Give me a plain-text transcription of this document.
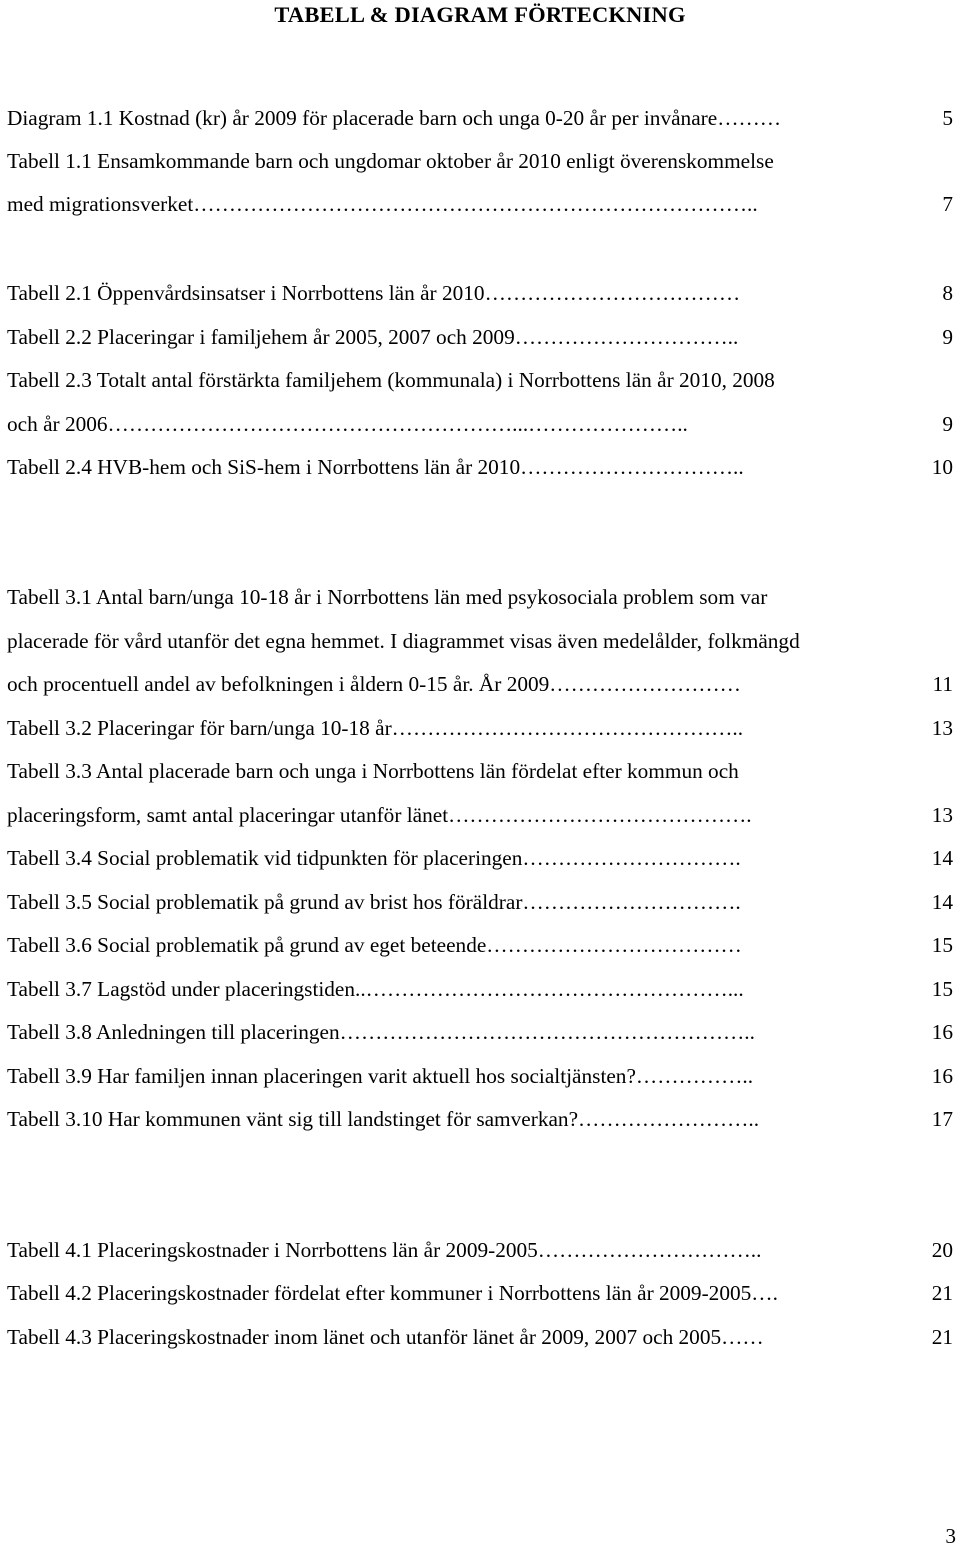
TABELL & DIAGRAM FÖRTECKNING
Diagram 1.1 Kostnad (kr) år 2009 för placerade barn och unga 0-20 år per invånare………	5
Tabell 1.1 Ensamkommande barn och ungdomar oktober år 2010 enligt överenskommelse
med migrationsverket……………………………………………………………………..	7
Tabell 2.1 Öppenvårdsinsatser i Norrbottens län år 2010………………………………	8
Tabell 2.2 Placeringar i familjehem år 2005, 2007 och 2009…………………………..	9
Tabell 2.3 Totalt antal förstärkta familjehem (kommunala) i Norrbottens län år 2010, 2008
och år 2006…………………………………………………...…………………..	9
Tabell 2.4 HVB-hem och SiS-hem i Norrbottens län år 2010…………………………..	10
Tabell 3.1 Antal barn/unga 10-18 år i Norrbottens län med psykosociala problem som var
placerade för vård utanför det egna hemmet. I diagrammet visas även medelålder, folkmängd
och procentuell andel av befolkningen i åldern 0-15 år. År 2009………………………	11
Tabell 3.2 Placeringar för barn/unga 10-18 år…………………………………………..	13
Tabell 3.3 Antal placerade barn och unga i Norrbottens län fördelat efter kommun och
placeringsform, samt antal placeringar utanför länet…………………………………….	13
Tabell 3.4 Social problematik vid tidpunkten för placeringen………………………….	14
Tabell 3.5 Social problematik på grund av brist hos föräldrar………………………….	14
Tabell 3.6 Social problematik på grund av eget beteende………………………………	15
Tabell 3.7 Lagstöd under placeringstiden..……………………………………………...	15
Tabell 3.8 Anledningen till placeringen…………………………………………………..	16
Tabell 3.9 Har familjen innan placeringen varit aktuell hos socialtjänsten?……………..	16
Tabell 3.10 Har kommunen vänt sig till landstinget för samverkan?……………………..	17
Tabell 4.1 Placeringskostnader i Norrbottens län år 2009-2005…………………………..	20
Tabell 4.2 Placeringskostnader fördelat efter kommuner i Norrbottens län år 2009-2005….	21
Tabell 4.3 Placeringskostnader inom länet och utanför länet år 2009, 2007 och 2005……	21
3
